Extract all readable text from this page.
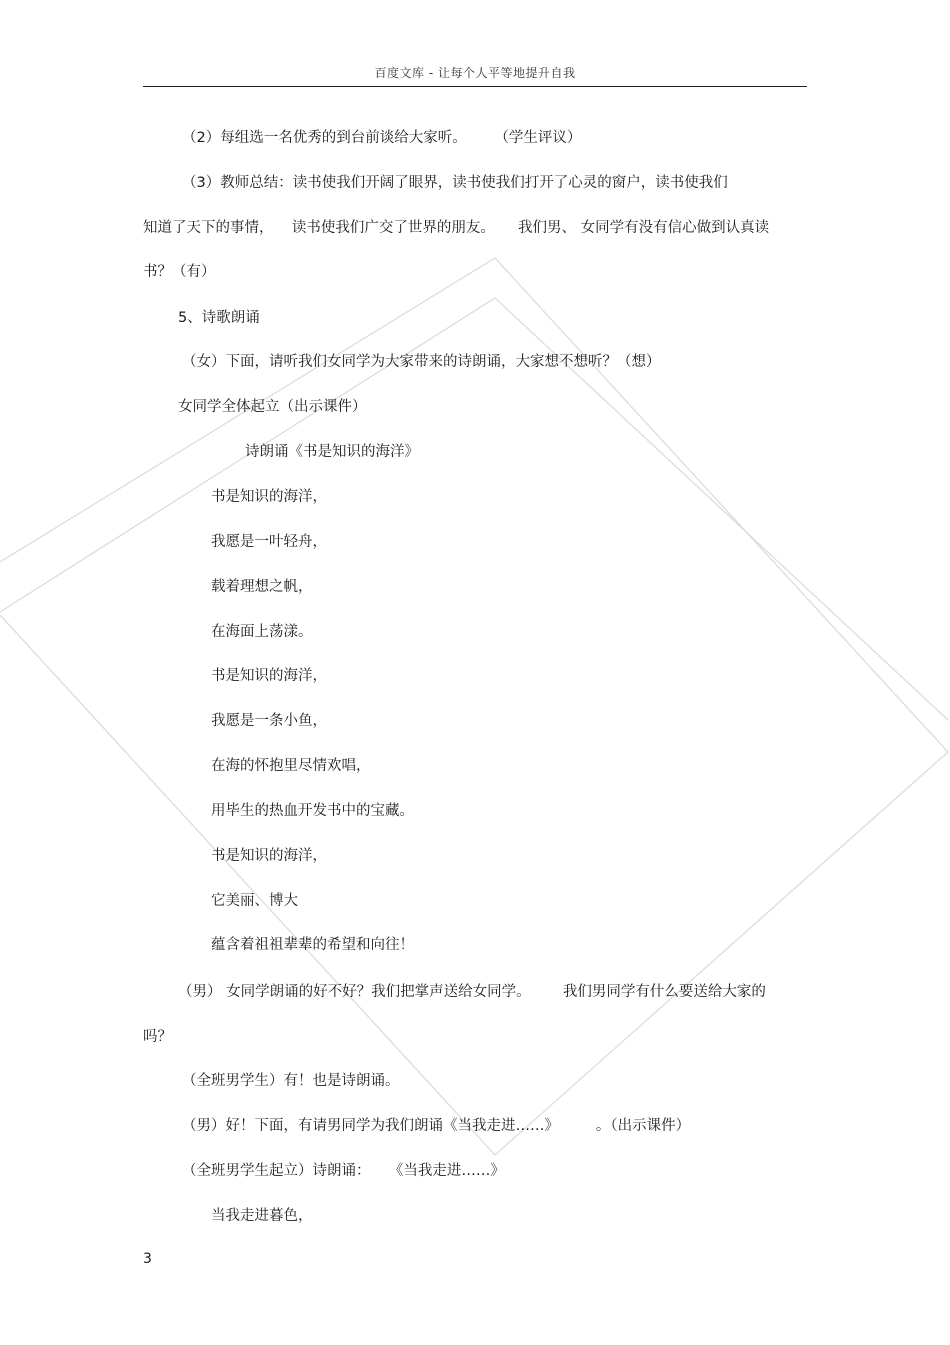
百度文库 - 让每个人平等地提升自我
（2）每组选一名优秀的到台前谈给大家听。      （学生评议）
（3）教师总结：读书使我们开阔了眼界，读书使我们打开了心灵的窗户，读书使我们
知道了天下的事情，    读书使我们广交了世界的朋友。     我们男、 女同学有没有信心做到认真读
书？（有）
5、诗歌朗诵
（女）下面，请听我们女同学为大家带来的诗朗诵，大家想不想听？（想）
女同学全体起立（出示课件）
诗朗诵《书是知识的海洋》
书是知识的海洋，
我愿是一叶轻舟，
载着理想之帆，
在海面上荡漾。
书是知识的海洋，
我愿是一条小鱼，
在海的怀抱里尽情欢唱，
用毕生的热血开发书中的宝藏。
书是知识的海洋，
它美丽、博大
蕴含着祖祖辈辈的希望和向往！
（男） 女同学朗诵的好不好？我们把掌声送给女同学。       我们男同学有什么要送给大家的
吗？
（全班男学生）有！也是诗朗诵。
（男）好！下面，有请男同学为我们朗诵《当我走进……》        。（出示课件）
（全班男学生起立）诗朗诵：    《当我走进……》
当我走进暮色，
3
